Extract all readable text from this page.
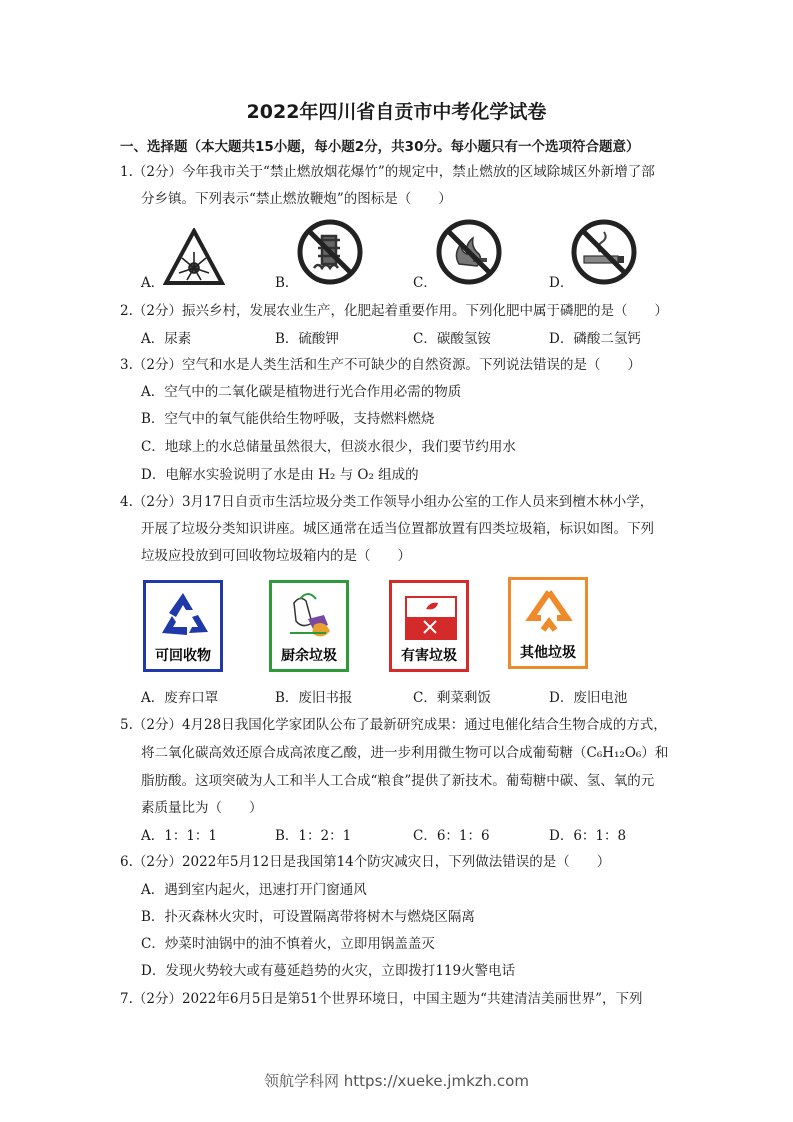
2022年四川省自贡市中考化学试卷
一、选择题（本大题共15小题，每小题2分，共30分。每小题只有一个选项符合题意）
1.（2分）今年我市关于“禁止燃放烟花爆竹”的规定中，禁止燃放的区域除城区外新增了部
分乡镇。下列表示“禁止燃放鞭炮”的图标是（　　）
A．	B．	C．	D．
2.（2分）振兴乡村，发展农业生产，化肥起着重要作用。下列化肥中属于磷肥的是（　　）
A．尿素	B．硫酸钾	C．碳酸氢铵	D．磷酸二氢钙
3.（2分）空气和水是人类生活和生产不可缺少的自然资源。下列说法错误的是（　　）
A．空气中的二氧化碳是植物进行光合作用必需的物质
B．空气中的氧气能供给生物呼吸，支持燃料燃烧
C．地球上的水总储量虽然很大，但淡水很少，我们要节约用水
D．电解水实验说明了水是由 H₂ 与 O₂ 组成的
4.（2分）3月17日自贡市生活垃圾分类工作领导小组办公室的工作人员来到檀木林小学，
开展了垃圾分类知识讲座。城区通常在适当位置都放置有四类垃圾箱，标识如图。下列
垃圾应投放到可回收物垃圾箱内的是（　　）
可回收物	厨余垃圾	有害垃圾	其他垃圾
A．废弃口罩	B．废旧书报	C．剩菜剩饭	D．废旧电池
5.（2分）4月28日我国化学家团队公布了最新研究成果：通过电催化结合生物合成的方式，
将二氧化碳高效还原合成高浓度乙酸，进一步利用微生物可以合成葡萄糖（C₆H₁₂O₆）和
脂肪酸。这项突破为人工和半人工合成“粮食”提供了新技术。葡萄糖中碳、氢、氧的元
素质量比为（　　）
A．1：1：1	B．1：2：1	C．6：1：6	D．6：1：8
6.（2分）2022年5月12日是我国第14个防灾减灾日，下列做法错误的是（　　）
A．遇到室内起火，迅速打开门窗通风
B．扑灭森林火灾时，可设置隔离带将树木与燃烧区隔离
C．炒菜时油锅中的油不慎着火，立即用锅盖盖灭
D．发现火势较大或有蔓延趋势的火灾，立即拨打119火警电话
7.（2分）2022年6月5日是第51个世界环境日，中国主题为“共建清洁美丽世界”，下列
领航学科网 https://xueke.jmkzh.com
